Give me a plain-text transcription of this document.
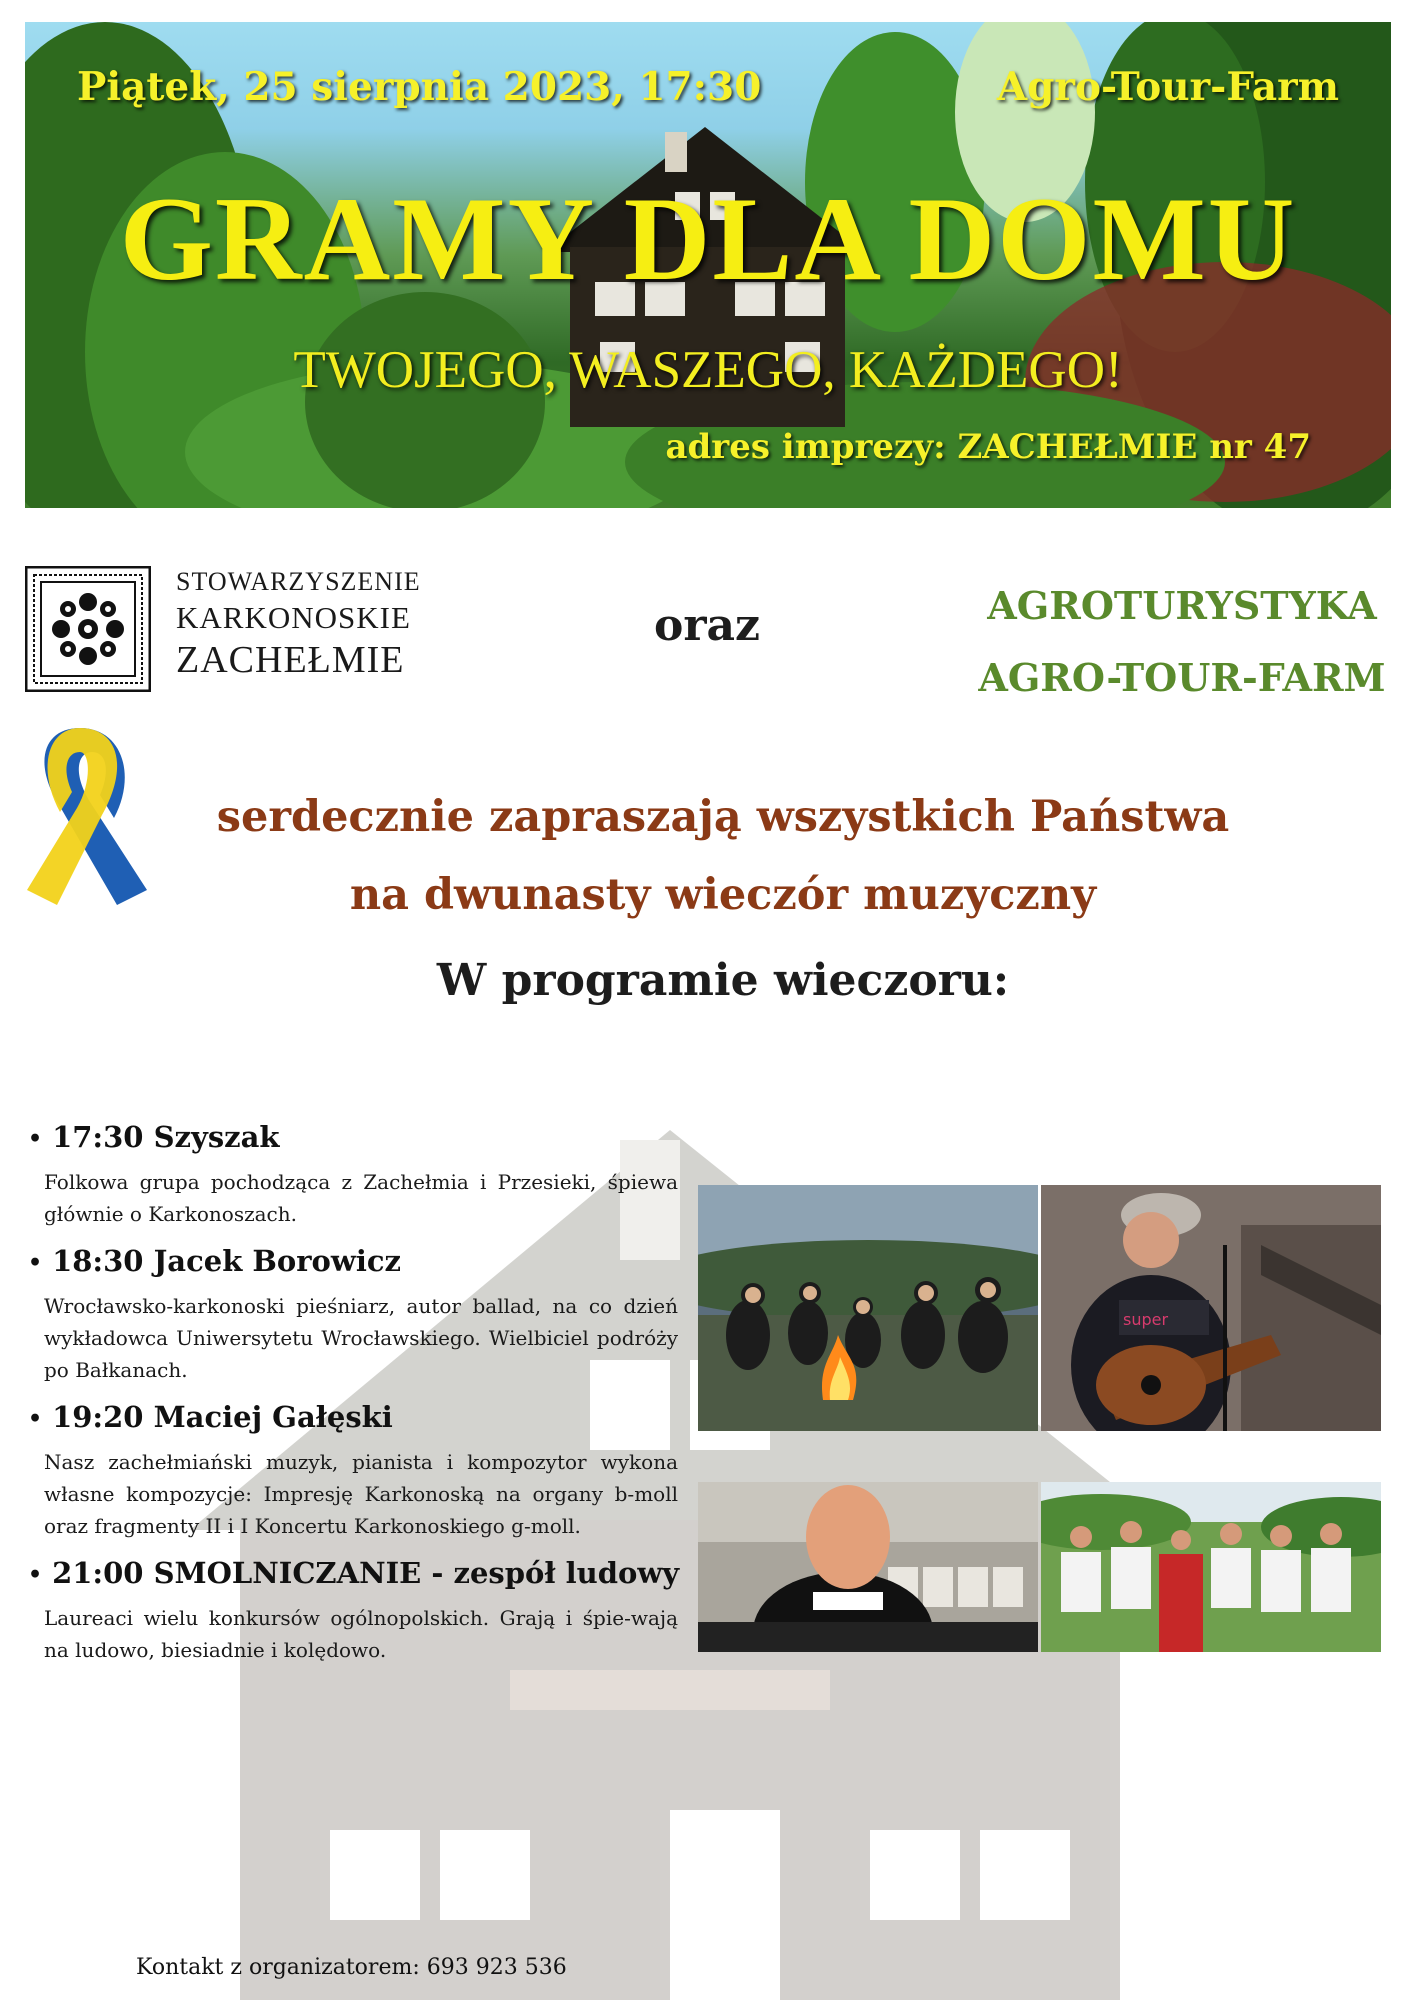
Piątek, 25 sierpnia 2023, 17:30	Agro-Tour-Farm
GRAMY DLA DOMU
TWOJEGO, WASZEGO, KAŻDEGO!
adres imprezy: ZACHEŁMIE nr 47
STOWARZYSZENIE
KARKONOSKIE
ZACHEŁMIE
oraz	AGROTURYSTYKA
AGRO-TOUR-FARM
serdecznie zapraszają wszystkich Państwa
na dwunasty wieczór muzyczny
W programie wieczoru:
• 17:30 Szyszak
Folkowa grupa pochodząca z Zachełmia i Przesieki, śpiewa głównie o Karkonoszach.
• 18:30 Jacek Borowicz
Wrocławsko-karkonoski pieśniarz, autor ballad, na co dzień wykładowca Uniwersytetu Wrocławskiego. Wielbiciel podróży po Bałkanach.
• 19:20 Maciej Gałęski
Nasz zachełmiański muzyk, pianista i kompozytor wykona własne kompozycje: Impresję Karkonoską na organy b-moll oraz fragmenty II i I Koncertu Karkonoskiego g-moll.
• 21:00 SMOLNICZANIE - zespół ludowy
Laureaci wielu konkursów ogólnopolskich. Grają i śpie-wają na ludowo, biesiadnie i kolędowo.
super
Kontakt z organizatorem: 693 923 536
